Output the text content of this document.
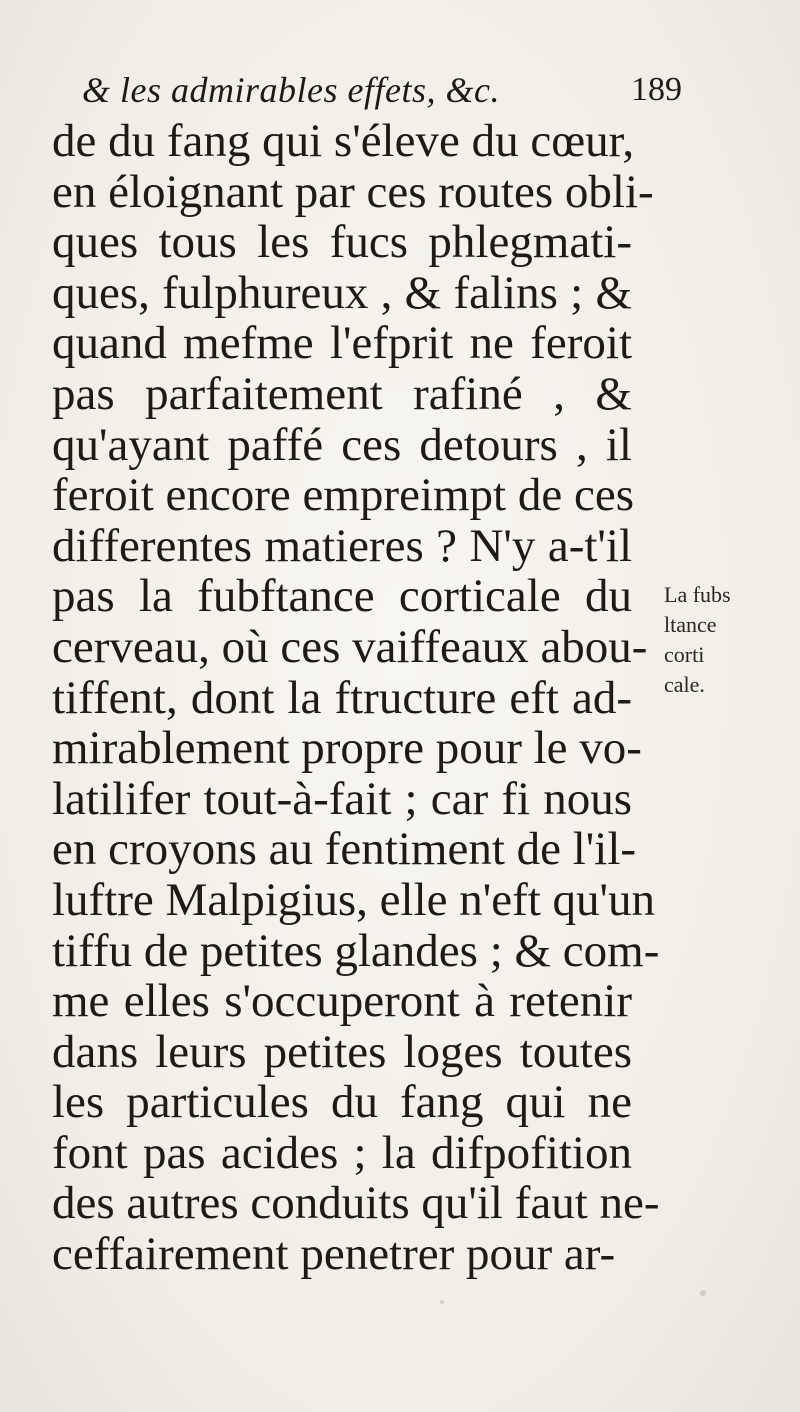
& les admirables effets, &c.	189
de du fang qui s'éleve du cœur,
en éloignant par ces routes obli-
ques tous les fucs phlegmati-
ques, fulphureux , & falins ; &
quand mefme l'efprit ne feroit
pas parfaitement rafiné , &
qu'ayant paffé ces detours , il
feroit encore empreimpt de ces
differentes matieres ? N'y a-t'il
pas la fubftance corticale du
cerveau, où ces vaiffeaux abou-
tiffent, dont la ftructure eft ad-
mirablement propre pour le vo-
latilifer tout-à-fait ; car fi nous
en croyons au fentiment de l'il-
luftre Malpigius, elle n'eft qu'un
tiffu de petites glandes ; & com-
me elles s'occuperont à retenir
dans leurs petites loges toutes
les particules du fang qui ne
font pas acides ; la difpofition
des autres conduits qu'il faut ne-
ceffairement penetrer pour ar-
La fubs
ltance
corti
cale.
